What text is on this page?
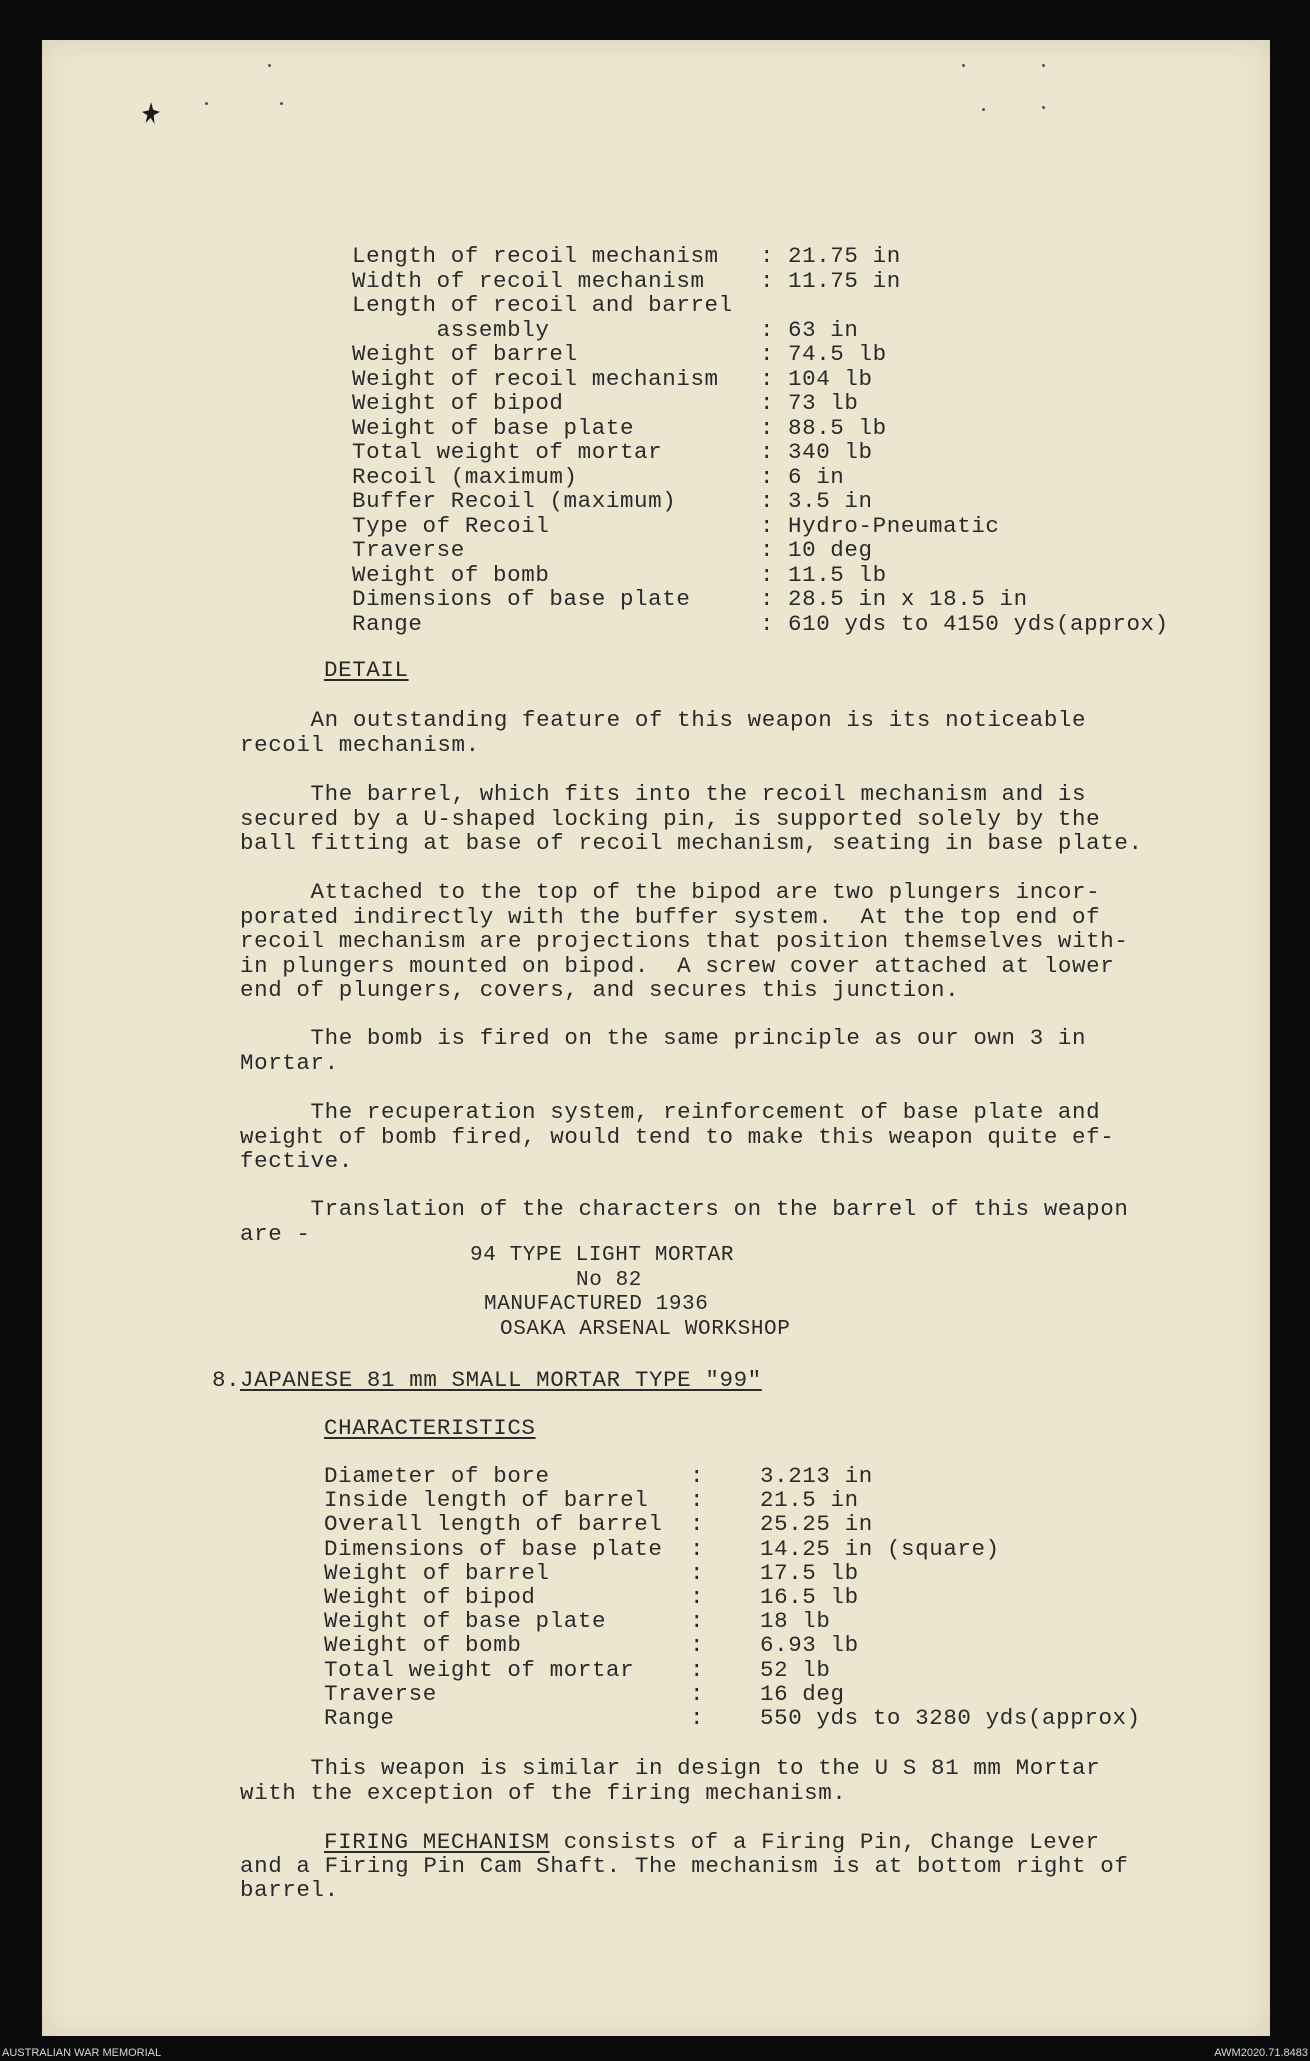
Length of recoil mechanism : 21.75 in
Width of recoil mechanism : 11.75 in
Length of recoil and barrel
assembly	: 63 in
Weight of barrel	: 74.5 lb
Weight of recoil mechanism : 104 lb
Weight of bipod	: 73 lb
Weight of base plate	: 88.5 lb
Total weight of mortar	: 340 lb
Recoil (maximum)	: 6 in
Buffer Recoil (maximum)	: 3.5 in
Type of Recoil	: Hydro-Pneumatic
Traverse	: 10 deg
Weight of bomb	: 11.5 lb
Dimensions of base plate	: 28.5 in x 18.5 in
Range	: 610 yds to 4150 yds(approx)
DETAIL
An outstanding feature of this weapon is its noticeable
recoil mechanism.
The barrel, which fits into the recoil mechanism and is
secured by a U-shaped locking pin, is supported solely by the
ball fitting at base of recoil mechanism, seating in base plate.
Attached to the top of the bipod are two plungers incor-
porated indirectly with the buffer system.  At the top end of
recoil mechanism are projections that position themselves with-
in plungers mounted on bipod.  A screw cover attached at lower
end of plungers, covers, and secures this junction.
The bomb is fired on the same principle as our own 3 in
Mortar.
The recuperation system, reinforcement of base plate and
weight of bomb fired, would tend to make this weapon quite ef-
fective.
Translation of the characters on the barrel of this weapon
are -
94 TYPE LIGHT MORTAR
No 82
MANUFACTURED 1936
OSAKA ARSENAL WORKSHOP
8. JAPANESE 81 mm SMALL MORTAR TYPE "99"
CHARACTERISTICS
Diameter of bore	: 3.213 in
Inside length of barrel : 21.5 in
Overall length of barrel : 25.25 in
Dimensions of base plate : 14.25 in (square)
Weight of barrel	: 17.5 lb
Weight of bipod	: 16.5 lb
Weight of base plate	: 18 lb
Weight of bomb	: 6.93 lb
Total weight of mortar : 52 lb
Traverse	: 16 deg
Range	: 550 yds to 3280 yds(approx)
This weapon is similar in design to the U S 81 mm Mortar
with the exception of the firing mechanism.
FIRING MECHANISM consists of a Firing Pin, Change Lever
and a Firing Pin Cam Shaft. The mechanism is at bottom right of
barrel.
AUSTRALIAN WAR MEMORIAL	AWM2020.71.8483
